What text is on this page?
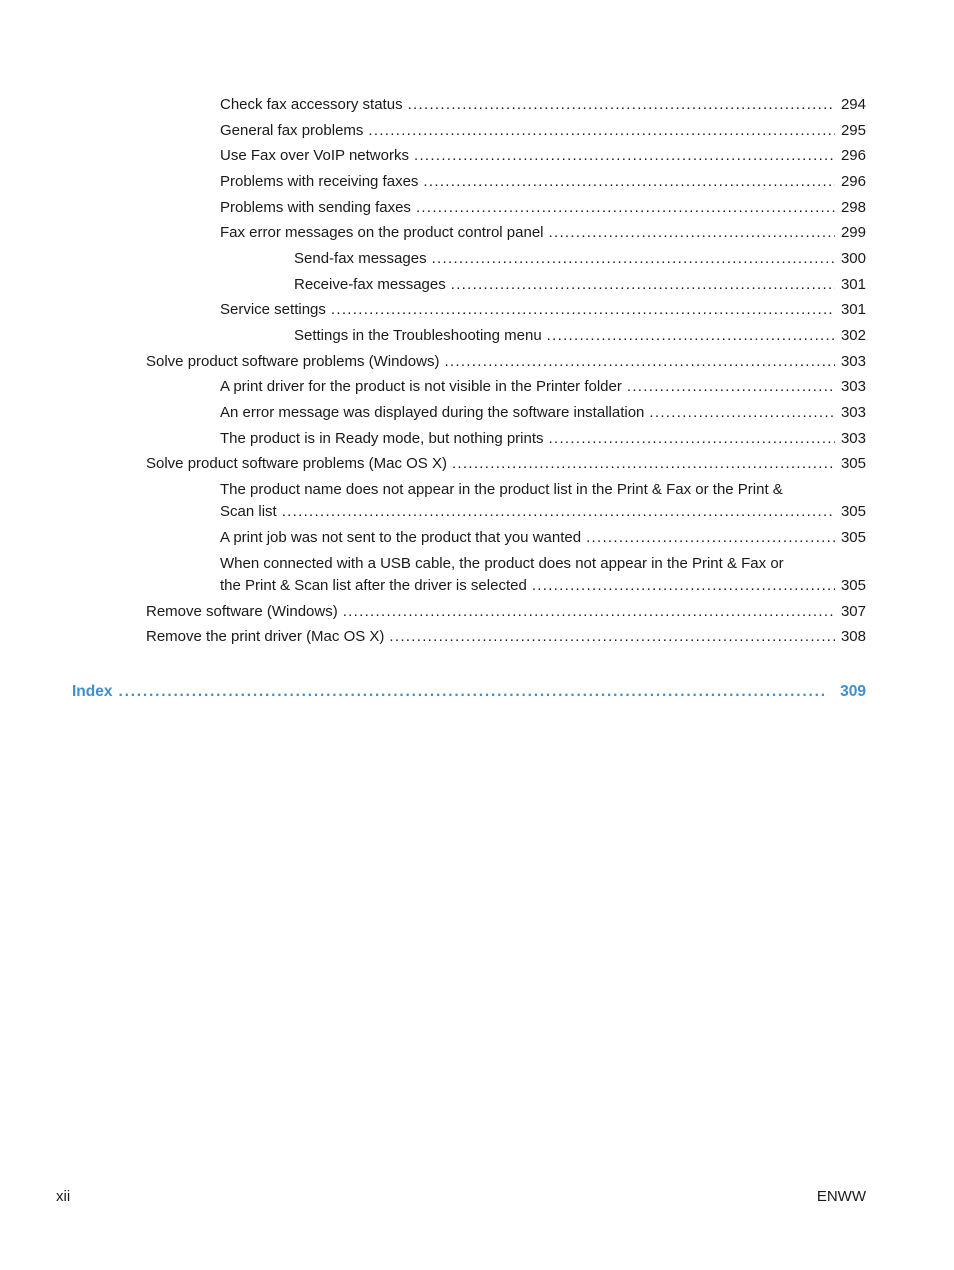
Check fax accessory status .....	294
General fax problems .....	295
Use Fax over VoIP networks .....	296
Problems with receiving faxes .....	296
Problems with sending faxes .....	298
Fax error messages on the product control panel .....	299
Send-fax messages .....	300
Receive-fax messages .....	301
Service settings .....	301
Settings in the Troubleshooting menu .....	302
Solve product software problems (Windows) .....	303
A print driver for the product is not visible in the Printer folder .....	303
An error message was displayed during the software installation .....	303
The product is in Ready mode, but nothing prints .....	303
Solve product software problems (Mac OS X) .....	305
The product name does not appear in the product list in the Print & Fax or the Print &
Scan list .....	305
A print job was not sent to the product that you wanted .....	305
When connected with a USB cable, the product does not appear in the Print & Fax or
the Print & Scan list after the driver is selected .....	305
Remove software (Windows) .....	307
Remove the print driver (Mac OS X) .....	308
Index .....	309
xii	ENWW
